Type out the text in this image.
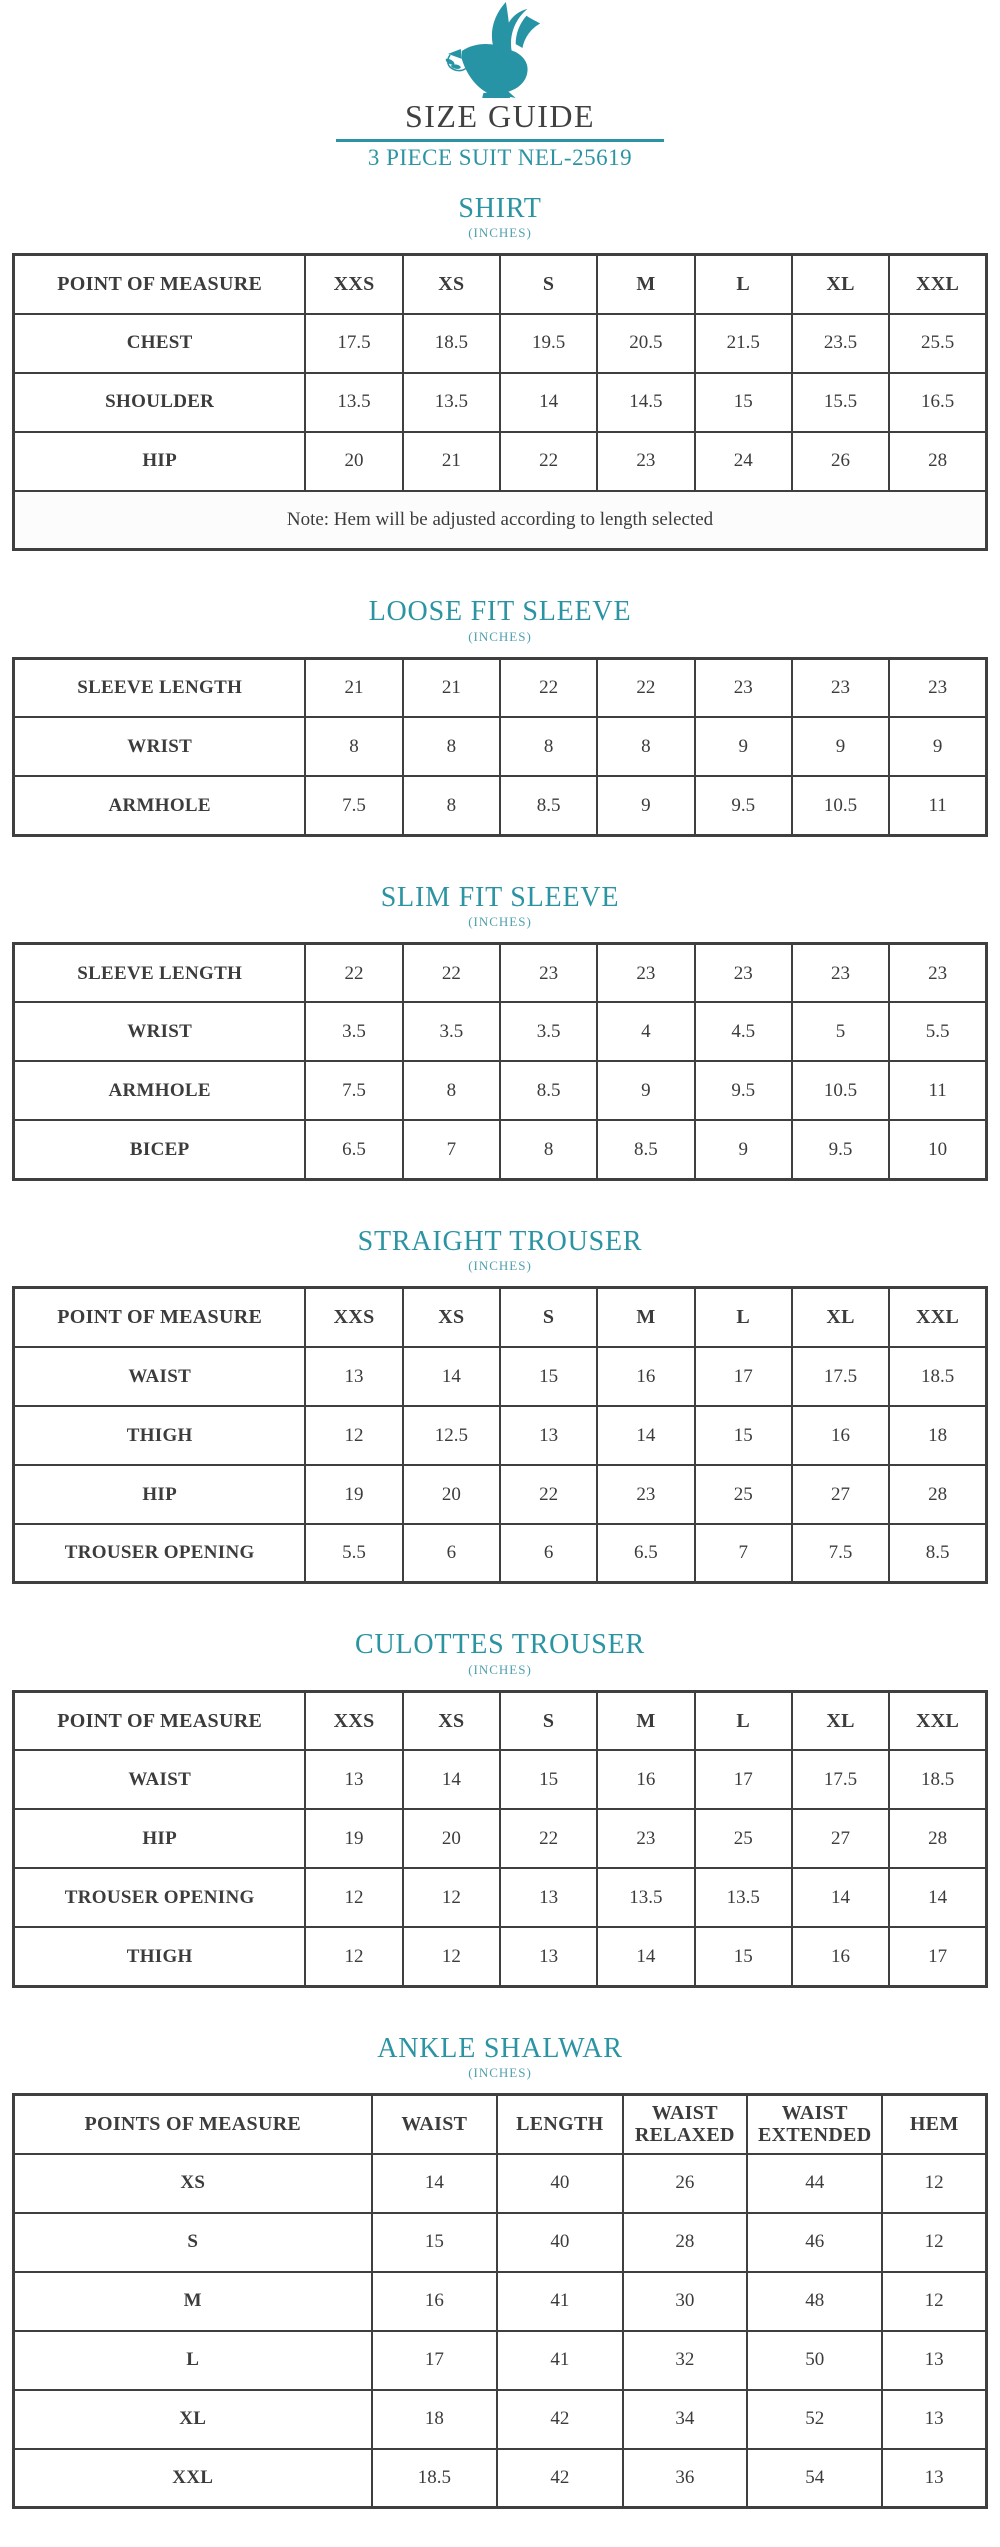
SIZE GUIDE
3 PIECE SUIT NEL-25619
SHIRT
(INCHES)
POINT OF MEASURE	XXS	XS	S	M	L	XL	XXL
CHEST	17.5	18.5	19.5	20.5	21.5	23.5	25.5
SHOULDER	13.5	13.5	14	14.5	15	15.5	16.5
HIP	20	21	22	23	24	26	28
Note: Hem will be adjusted according to length selected							
LOOSE FIT SLEEVE
(INCHES)
SLEEVE LENGTH	21	21	22	22	23	23	23
WRIST	8	8	8	8	9	9	9
ARMHOLE	7.5	8	8.5	9	9.5	10.5	11
SLIM FIT SLEEVE
(INCHES)
SLEEVE LENGTH	22	22	23	23	23	23	23
WRIST	3.5	3.5	3.5	4	4.5	5	5.5
ARMHOLE	7.5	8	8.5	9	9.5	10.5	11
BICEP	6.5	7	8	8.5	9	9.5	10
STRAIGHT TROUSER
(INCHES)
POINT OF MEASURE	XXS	XS	S	M	L	XL	XXL
WAIST	13	14	15	16	17	17.5	18.5
THIGH	12	12.5	13	14	15	16	18
HIP	19	20	22	23	25	27	28
TROUSER OPENING	5.5	6	6	6.5	7	7.5	8.5
CULOTTES TROUSER
(INCHES)
POINT OF MEASURE	XXS	XS	S	M	L	XL	XXL
WAIST	13	14	15	16	17	17.5	18.5
HIP	19	20	22	23	25	27	28
TROUSER OPENING	12	12	13	13.5	13.5	14	14
THIGH	12	12	13	14	15	16	17
ANKLE SHALWAR
(INCHES)
POINTS OF MEASURE	WAIST	LENGTH	WAIST RELAXED	WAIST EXTENDED	HEM
XS	14	40	26	44	12
S	15	40	28	46	12
M	16	41	30	48	12
L	17	41	32	50	13
XL	18	42	34	52	13
XXL	18.5	42	36	54	13
